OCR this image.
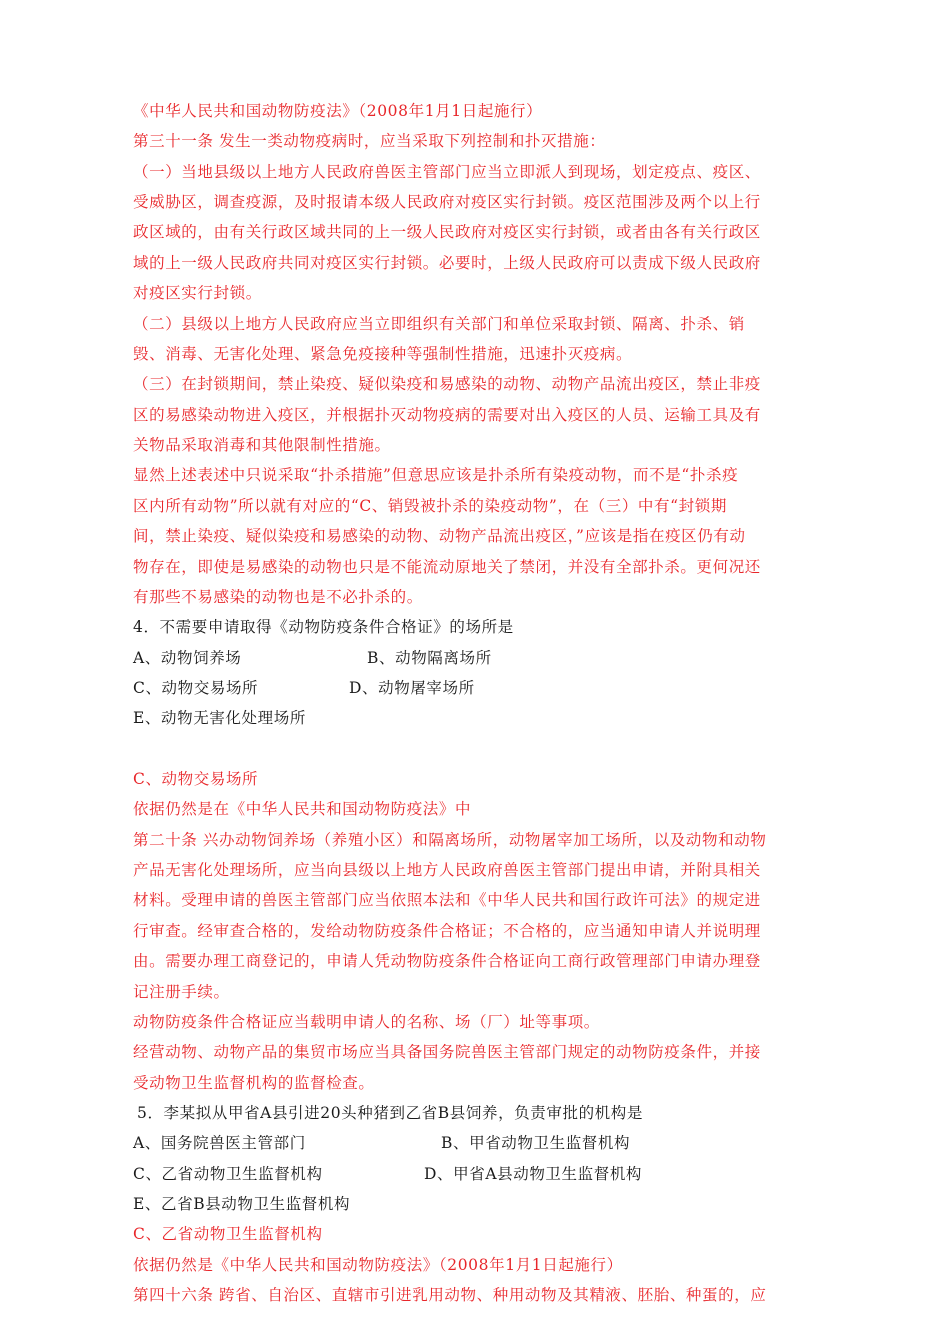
《中华人民共和国动物防疫法》（2008年1月1日起施行）
第三十一条 发生一类动物疫病时，应当采取下列控制和扑灭措施：
（一）当地县级以上地方人民政府兽医主管部门应当立即派人到现场，划定疫点、疫区、
受威胁区，调查疫源，及时报请本级人民政府对疫区实行封锁。疫区范围涉及两个以上行
政区域的，由有关行政区域共同的上一级人民政府对疫区实行封锁，或者由各有关行政区
域的上一级人民政府共同对疫区实行封锁。必要时，上级人民政府可以责成下级人民政府
对疫区实行封锁。
（二）县级以上地方人民政府应当立即组织有关部门和单位采取封锁、隔离、扑杀、销
毁、消毒、无害化处理、紧急免疫接种等强制性措施，迅速扑灭疫病。
（三）在封锁期间，禁止染疫、疑似染疫和易感染的动物、动物产品流出疫区，禁止非疫
区的易感染动物进入疫区，并根据扑灭动物疫病的需要对出入疫区的人员、运输工具及有
关物品采取消毒和其他限制性措施。
显然上述表述中只说采取“扑杀措施”但意思应该是扑杀所有染疫动物，而不是“扑杀疫
区内所有动物”所以就有对应的“C、销毁被扑杀的染疫动物”，在（三）中有“封锁期
间，禁止染疫、疑似染疫和易感染的动物、动物产品流出疫区，”应该是指在疫区仍有动
物存在，即使是易感染的动物也只是不能流动原地关了禁闭，并没有全部扑杀。更何况还
有那些不易感染的动物也是不必扑杀的。
4．不需要申请取得《动物防疫条件合格证》的场所是
A、动物饲养场	B、动物隔离场所
C、动物交易场所	D、动物屠宰场所
E、动物无害化处理场所
C、动物交易场所
依据仍然是在《中华人民共和国动物防疫法》中
第二十条 兴办动物饲养场（养殖小区）和隔离场所，动物屠宰加工场所，以及动物和动物
产品无害化处理场所，应当向县级以上地方人民政府兽医主管部门提出申请，并附具相关
材料。受理申请的兽医主管部门应当依照本法和《中华人民共和国行政许可法》的规定进
行审查。经审查合格的，发给动物防疫条件合格证；不合格的，应当通知申请人并说明理
由。需要办理工商登记的，申请人凭动物防疫条件合格证向工商行政管理部门申请办理登
记注册手续。
动物防疫条件合格证应当载明申请人的名称、场（厂）址等事项。
经营动物、动物产品的集贸市场应当具备国务院兽医主管部门规定的动物防疫条件，并接
受动物卫生监督机构的监督检查。
5．李某拟从甲省A县引进20头种猪到乙省B县饲养，负责审批的机构是
A、国务院兽医主管部门	B、甲省动物卫生监督机构
C、乙省动物卫生监督机构	D、甲省A县动物卫生监督机构
E、乙省B县动物卫生监督机构
C、乙省动物卫生监督机构
依据仍然是《中华人民共和国动物防疫法》（2008年1月1日起施行）
第四十六条 跨省、自治区、直辖市引进乳用动物、种用动物及其精液、胚胎、种蛋的，应
